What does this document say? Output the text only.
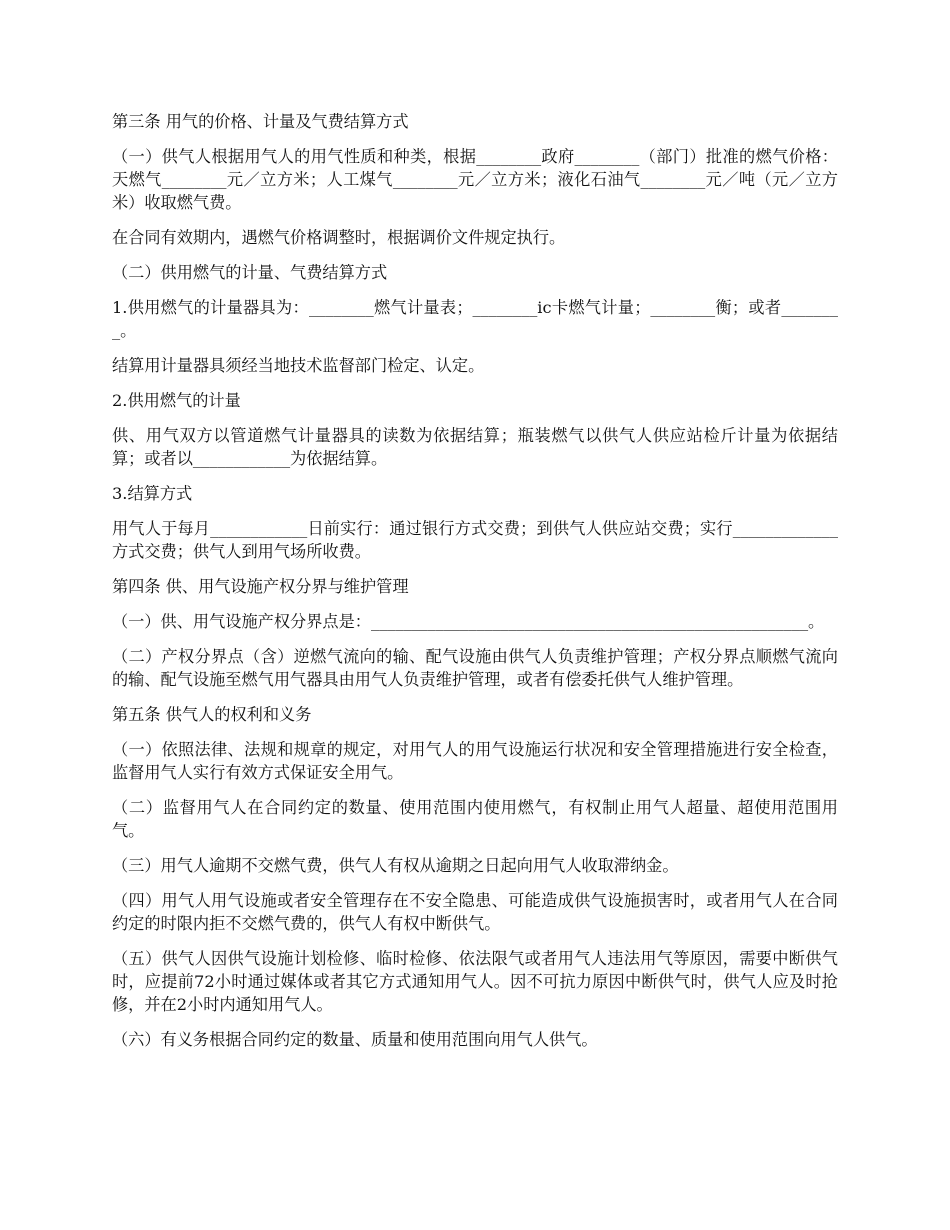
第三条 用气的价格、计量及气费结算方式

（一）供气人根据用气人的用气性质和种类，根据________政府________（部门）批准的燃气价格：天燃气________元／立方米；人工煤气________元／立方米；液化石油气________元／吨（元／立方米）收取燃气费。

在合同有效期内，遇燃气价格调整时，根据调价文件规定执行。

（二）供用燃气的计量、气费结算方式

1.供用燃气的计量器具为：________燃气计量表；________ic卡燃气计量；________衡；或者________。

结算用计量器具须经当地技术监督部门检定、认定。

2.供用燃气的计量

供、用气双方以管道燃气计量器具的读数为依据结算；瓶装燃气以供气人供应站检斤计量为依据结算；或者以____________为依据结算。

3.结算方式

用气人于每月____________日前实行：通过银行方式交费；到供气人供应站交费；实行_____________方式交费；供气人到用气场所收费。

第四条 供、用气设施产权分界与维护管理

（一）供、用气设施产权分界点是：______________________________________________________。

（二）产权分界点（含）逆燃气流向的输、配气设施由供气人负责维护管理；产权分界点顺燃气流向的输、配气设施至燃气用气器具由用气人负责维护管理，或者有偿委托供气人维护管理。

第五条 供气人的权利和义务

（一）依照法律、法规和规章的规定，对用气人的用气设施运行状况和安全管理措施进行安全检查，监督用气人实行有效方式保证安全用气。

（二）监督用气人在合同约定的数量、使用范围内使用燃气，有权制止用气人超量、超使用范围用气。

（三）用气人逾期不交燃气费，供气人有权从逾期之日起向用气人收取滞纳金。

（四）用气人用气设施或者安全管理存在不安全隐患、可能造成供气设施损害时，或者用气人在合同约定的时限内拒不交燃气费的，供气人有权中断供气。

（五）供气人因供气设施计划检修、临时检修、依法限气或者用气人违法用气等原因，需要中断供气时，应提前72小时通过媒体或者其它方式通知用气人。因不可抗力原因中断供气时，供气人应及时抢修，并在2小时内通知用气人。

（六）有义务根据合同约定的数量、质量和使用范围向用气人供气。
